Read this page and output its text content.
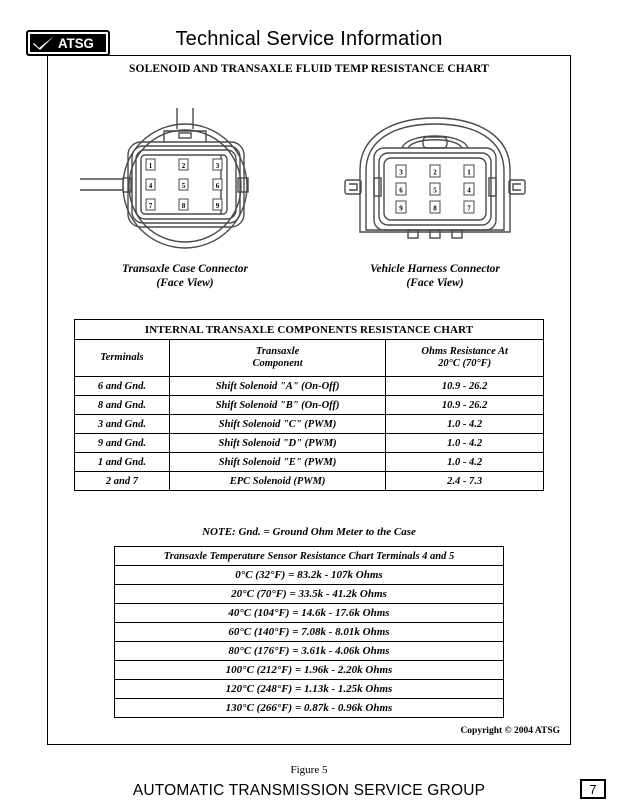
ATSG	Technical Service Information
SOLENOID AND TRANSAXLE FLUID TEMP RESISTANCE CHART
1	2	3
4	5	6
7	8	9
Transaxle Case Connector
(Face View)
3	2	1
6	5	4
9	8	7
Vehicle Harness Connector
(Face View)
INTERNAL TRANSAXLE COMPONENTS RESISTANCE CHART		

Terminals

Transaxle
Component

Ohms Resistance At
20°C (70°F)

6 and Gnd.	Shift Solenoid "A" (On-Off)	10.9 - 26.2
8 and Gnd.	Shift Solenoid "B" (On-Off)	10.9 - 26.2
3 and Gnd.	Shift Solenoid "C" (PWM)	1.0 - 4.2
9 and Gnd.	Shift Solenoid "D" (PWM)	1.0 - 4.2
1 and Gnd.	Shift Solenoid "E" (PWM)	1.0 - 4.2
2 and 7	EPC Solenoid (PWM)	2.4 - 7.3
NOTE: Gnd. = Ground Ohm Meter to the Case
Transaxle Temperature Sensor Resistance Chart Terminals 4 and 5
0°C (32°F) = 83.2k - 107k Ohms
20°C (70°F) = 33.5k - 41.2k Ohms
40°C (104°F) = 14.6k - 17.6k Ohms
60°C (140°F) = 7.08k - 8.01k Ohms
80°C (176°F) = 3.61k - 4.06k Ohms
100°C (212°F) = 1.96k - 2.20k Ohms
120°C (248°F) = 1.13k - 1.25k Ohms
130°C (266°F) = 0.87k - 0.96k Ohms
Copyright © 2004 ATSG
Figure 5
AUTOMATIC TRANSMISSION SERVICE GROUP	7
